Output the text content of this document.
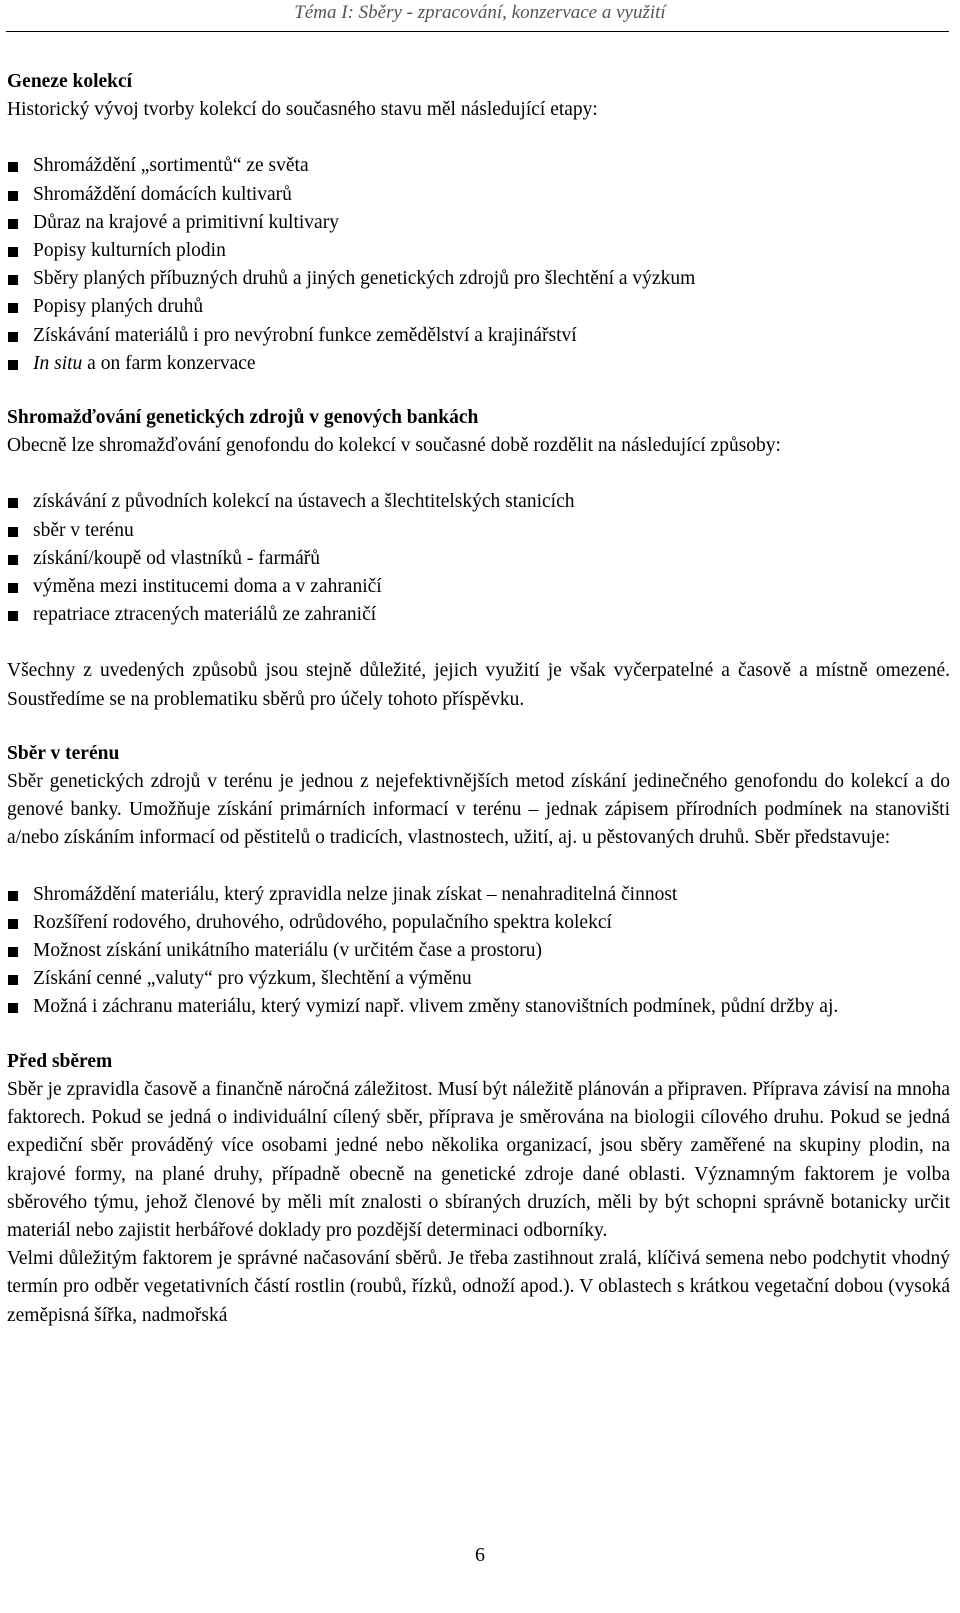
Téma I: Sběry - zpracování, konzervace a využití
Geneze kolekcí

Historický vývoj tvorby kolekcí do současného stavu měl následující etapy:

Shromáždění „sortimentů“ ze světa
Shromáždění domácích kultivarů
Důraz na krajové a primitivní kultivary
Popisy kulturních plodin
Sběry planých příbuzných druhů a jiných genetických zdrojů pro šlechtění a výzkum
Popisy planých druhů
Získávání materiálů i pro nevýrobní funkce zemědělství a krajinářství
In situ a on farm konzervace
Shromažďování genetických zdrojů v genových bankách

Obecně lze shromažďování genofondu do kolekcí v současné době rozdělit na následující způsoby:

získávání z původních kolekcí na ústavech a šlechtitelských stanicích
sběr v terénu
získání/koupě od vlastníků - farmářů
výměna mezi institucemi doma a v zahraničí
repatriace ztracených materiálů ze zahraničí

Všechny z uvedených způsobů jsou stejně důležité, jejich využití je však vyčerpatelné a časově a místně omezené. Soustředíme se na problematiku sběrů pro účely tohoto příspěvku.

Sběr v terénu

Sběr genetických zdrojů v terénu je jednou z nejefektivnějších metod získání jedinečného genofondu do kolekcí a do genové banky. Umožňuje získání primárních informací v terénu – jednak zápisem přírodních podmínek na stanovišti a/nebo získáním informací od pěstitelů o tradicích, vlastnostech, užití, aj. u pěstovaných druhů. Sběr představuje:

Shromáždění materiálu, který zpravidla nelze jinak získat – nenahraditelná činnost
Rozšíření rodového, druhového, odrůdového, populačního spektra kolekcí
Možnost získání unikátního materiálu (v určitém čase a prostoru)
Získání cenné „valuty“ pro výzkum, šlechtění a výměnu
Možná i záchranu materiálu, který vymizí např. vlivem změny stanovištních podmínek, půdní držby aj.
Před sběrem

Sběr je zpravidla časově a finančně náročná záležitost. Musí být náležitě plánován a připraven. Příprava závisí na mnoha faktorech. Pokud se jedná o individuální cílený sběr, příprava je směrována na biologii cílového druhu. Pokud se jedná expediční sběr prováděný více osobami jedné nebo několika organizací, jsou sběry zaměřené na skupiny plodin, na krajové formy, na plané druhy, případně obecně na genetické zdroje dané oblasti. Významným faktorem je volba sběrového týmu, jehož členové by měli mít znalosti o sbíraných druzích, měli by být schopni správně botanicky určit materiál nebo zajistit herbářové doklady pro pozdější determinaci odborníky.

Velmi důležitým faktorem je správné načasování sběrů. Je třeba zastihnout zralá, klíčivá semena nebo podchytit vhodný termín pro odběr vegetativních částí rostlin (roubů, řízků, odnoží apod.). V oblastech s krátkou vegetační dobou (vysoká zeměpisná šířka, nadmořská

6
